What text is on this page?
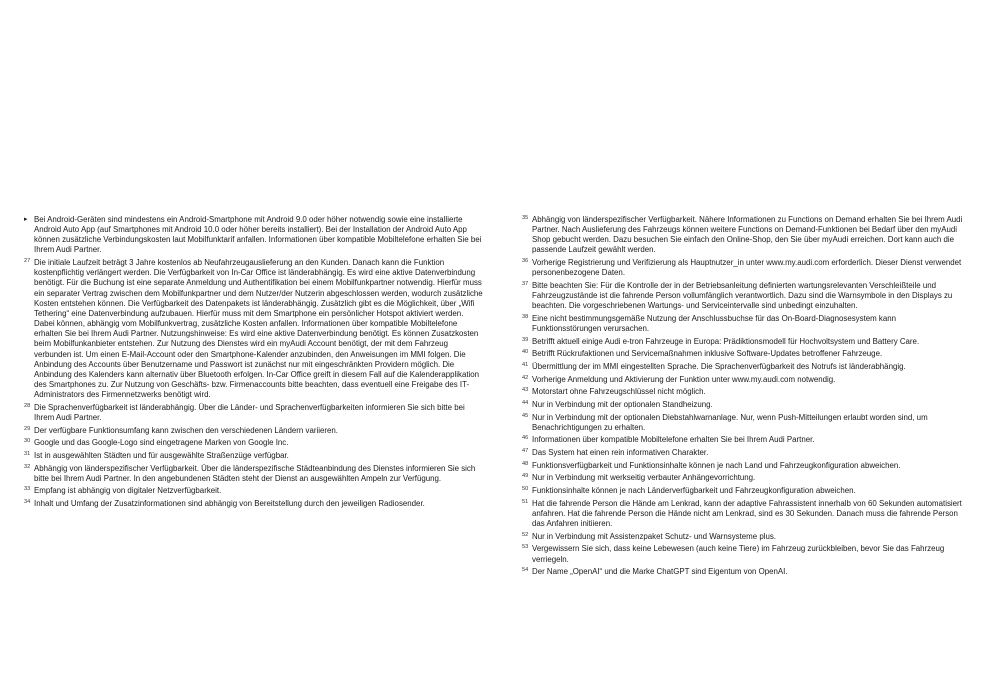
▸ Bei Android-Geräten sind mindestens ein Android-Smartphone mit Android 9.0 oder höher notwendig sowie eine installierte Android Auto App (auf Smartphones mit Android 10.0 oder höher bereits installiert). Bei der Installation der Android Auto App können zusätzliche Verbindungskosten laut Mobilfunktarif anfallen. Informationen über kompatible Mobiltelefone erhalten Sie bei Ihrem Audi Partner.
27 Die initiale Laufzeit beträgt 3 Jahre kostenlos ab Neufahrzeugauslieferung an den Kunden. Danach kann die Funktion kostenpflichtig verlängert werden. Die Verfügbarkeit von In-Car Office ist länderabhängig. Es wird eine aktive Datenverbindung benötigt. Für die Buchung ist eine separate Anmeldung und Authentifikation bei einem Mobilfunkpartner notwendig. Hierfür muss ein separater Vertrag zwischen dem Mobilfunkpartner und dem Nutzer/der Nutzerin abgeschlossen werden, wodurch zusätzliche Kosten entstehen können. Die Verfügbarkeit des Datenpakets ist länderabhängig. Zusätzlich gibt es die Möglichkeit, über „Wifi Tethering“ eine Datenverbindung aufzubauen. Hierfür muss mit dem Smartphone ein persönlicher Hotspot aktiviert werden. Dabei können, abhängig vom Mobilfunkvertrag, zusätzliche Kosten anfallen. Informationen über kompatible Mobiltelefone erhalten Sie bei Ihrem Audi Partner. Nutzungshinweise: Es wird eine aktive Datenverbindung benötigt. Es können Zusatzkosten beim Mobilfunkanbieter entstehen. Zur Nutzung des Dienstes wird ein myAudi Account benötigt, der mit dem Fahrzeug verbunden ist. Um einen E-Mail-Account oder den Smartphone-Kalender anzubinden, den Anweisungen im MMI folgen. Die Anbindung des Accounts über Benutzername und Passwort ist zunächst nur mit eingeschränkten Providern möglich. Die Anbindung des Kalenders kann alternativ über Bluetooth erfolgen. In-Car Office greift in diesem Fall auf die Kalenderapplikation des Smartphones zu. Zur Nutzung von Geschäfts- bzw. Firmenaccounts bitte beachten, dass eventuell eine Freigabe des IT-Administrators des Firmennetzwerks benötigt wird.
28 Die Sprachenverfügbarkeit ist länderabhängig. Über die Länder- und Sprachenverfügbarkeiten informieren Sie sich bitte bei Ihrem Audi Partner.
29 Der verfügbare Funktionsumfang kann zwischen den verschiedenen Ländern variieren.
30 Google und das Google-Logo sind eingetragene Marken von Google Inc.
31 Ist in ausgewählten Städten und für ausgewählte Straßenzüge verfügbar.
32 Abhängig von länderspezifischer Verfügbarkeit. Über die länderspezifische Städteanbindung des Dienstes informieren Sie sich bitte bei Ihrem Audi Partner. In den angebundenen Städten steht der Dienst an ausgewählten Ampeln zur Verfügung.
33 Empfang ist abhängig von digitaler Netzverfügbarkeit.
34 Inhalt und Umfang der Zusatzinformationen sind abhängig von Bereitstellung durch den jeweiligen Radiosender.
35 Abhängig von länderspezifischer Verfügbarkeit. Nähere Informationen zu Functions on Demand erhalten Sie bei Ihrem Audi Partner. Nach Auslieferung des Fahrzeugs können weitere Functions on Demand-Funktionen bei Bedarf über den myAudi Shop gebucht werden. Dazu besuchen Sie einfach den Online-Shop, den Sie über myAudi erreichen. Dort kann auch die passende Laufzeit gewählt werden.
36 Vorherige Registrierung und Verifizierung als Hauptnutzer_in unter www.my.audi.com erforderlich. Dieser Dienst verwendet personenbezogene Daten.
37 Bitte beachten Sie: Für die Kontrolle der in der Betriebsanleitung definierten wartungsrelevanten Verschleißteile und Fahrzeugzustände ist die fahrende Person vollumfänglich verantwortlich. Dazu sind die Warnsymbole in den Displays zu beachten. Die vorgeschriebenen Wartungs- und Serviceintervalle sind unbedingt einzuhalten.
38 Eine nicht bestimmungsgemäße Nutzung der Anschlussbuchse für das On-Board-Diagnosesystem kann Funktionsstörungen verursachen.
39 Betrifft aktuell einige Audi e-tron Fahrzeuge in Europa: Prädiktionsmodell für Hochvoltsystem und Battery Care.
40 Betrifft Rückrufaktionen und Servicemaßnahmen inklusive Software-Updates betroffener Fahrzeuge.
41 Übermittlung der im MMI eingestellten Sprache. Die Sprachenverfügbarkeit des Notrufs ist länderabhängig.
42 Vorherige Anmeldung und Aktivierung der Funktion unter www.my.audi.com notwendig.
43 Motorstart ohne Fahrzeugschlüssel nicht möglich.
44 Nur in Verbindung mit der optionalen Standheizung.
45 Nur in Verbindung mit der optionalen Diebstahlwarnanlage. Nur, wenn Push-Mitteilungen erlaubt worden sind, um Benachrichtigungen zu erhalten.
46 Informationen über kompatible Mobiltelefone erhalten Sie bei Ihrem Audi Partner.
47 Das System hat einen rein informativen Charakter.
48 Funktionsverfügbarkeit und Funktionsinhalte können je nach Land und Fahrzeugkonfiguration abweichen.
49 Nur in Verbindung mit werkseitig verbauter Anhängevorrichtung.
50 Funktionsinhalte können je nach Länderverfügbarkeit und Fahrzeugkonfiguration abweichen.
51 Hat die fahrende Person die Hände am Lenkrad, kann der adaptive Fahrassistent innerhalb von 60 Sekunden automatisiert anfahren. Hat die fahrende Person die Hände nicht am Lenkrad, sind es 30 Sekunden. Danach muss die fahrende Person das Anfahren initiieren.
52 Nur in Verbindung mit Assistenzpaket Schutz- und Warnsysteme plus.
53 Vergewissern Sie sich, dass keine Lebewesen (auch keine Tiere) im Fahrzeug zurückbleiben, bevor Sie das Fahrzeug verriegeln.
54 Der Name „OpenAI“ und die Marke ChatGPT sind Eigentum von OpenAI.
